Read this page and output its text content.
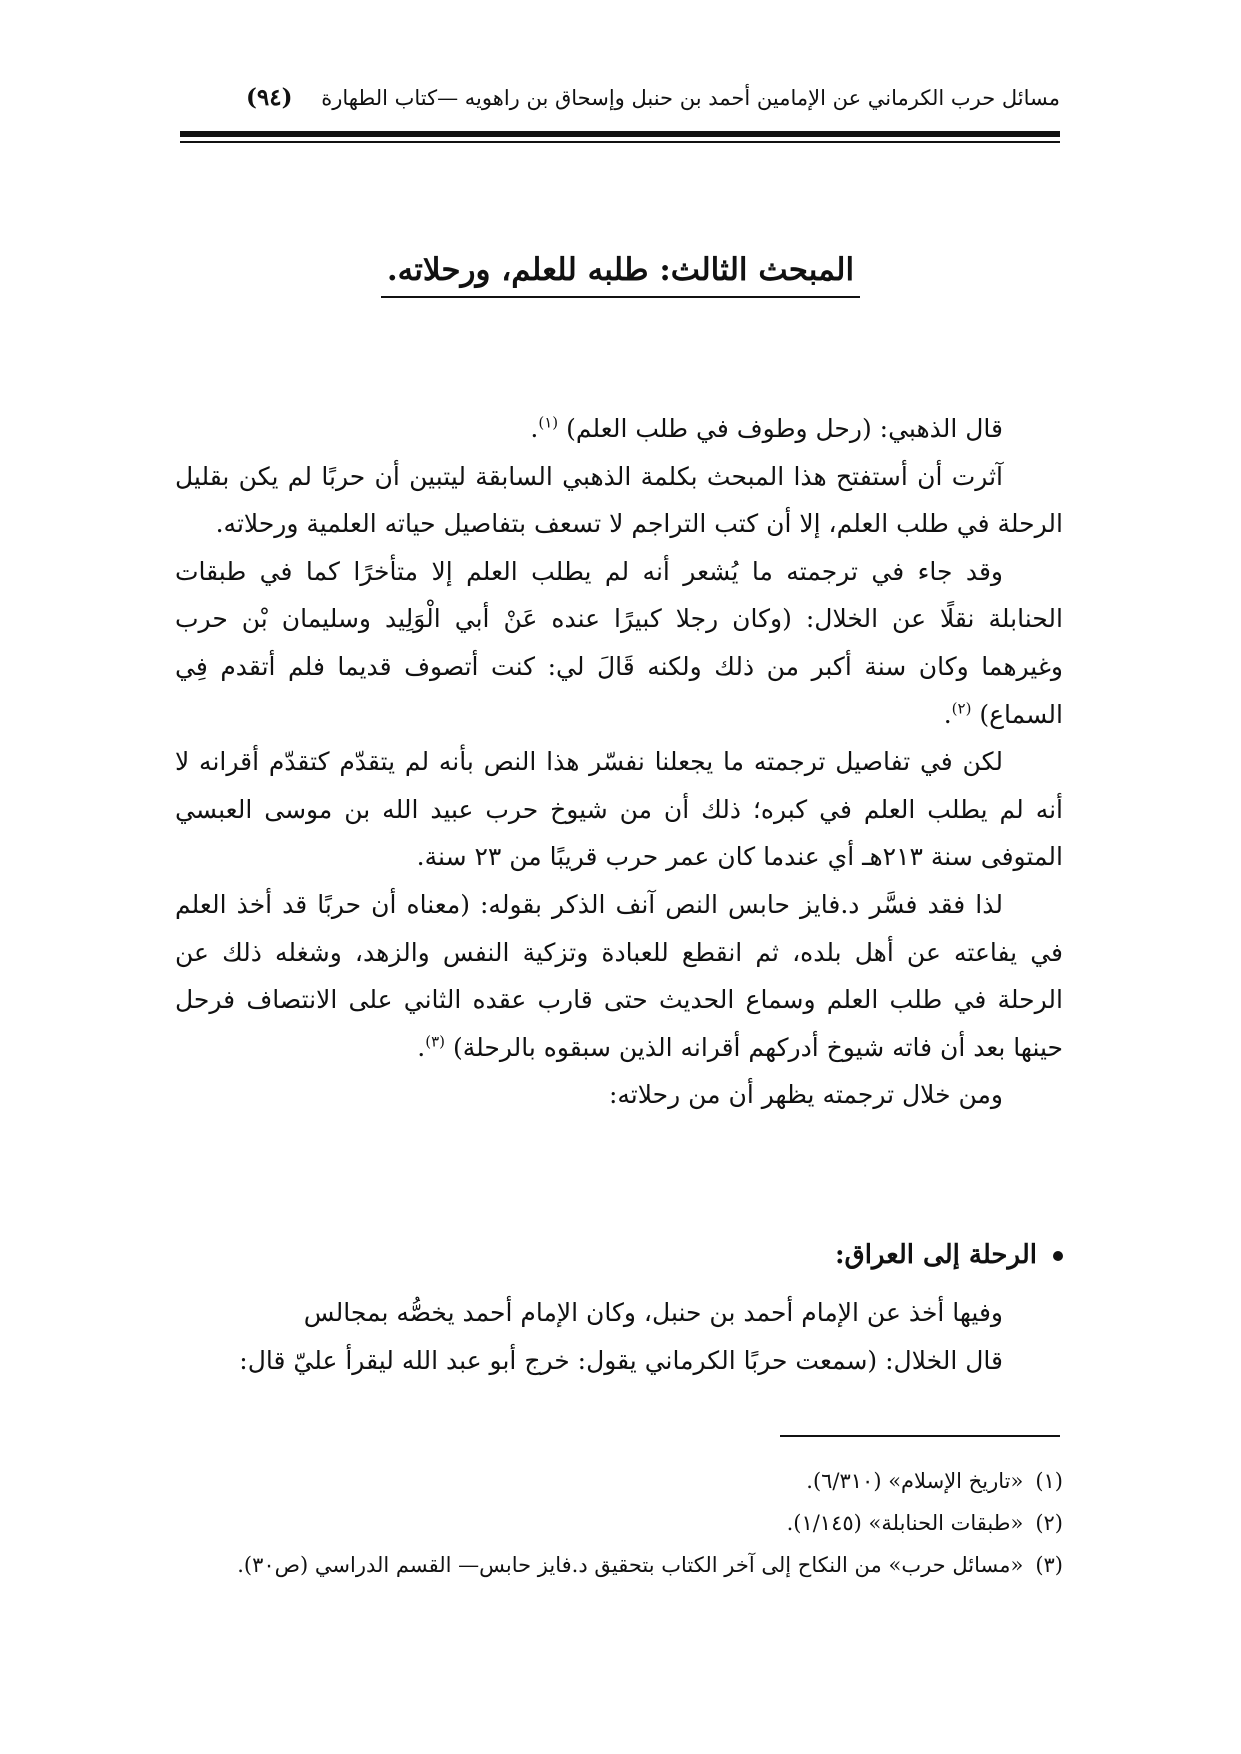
مسائل حرب الكرماني عن الإمامين أحمد بن حنبل وإسحاق بن راهويه —كتاب الطهارة
(٩٤)
المبحث الثالث: طلبه للعلم، ورحلاته.

قال الذهبي: (رحل وطوف في طلب العلم) $^{(١)}$.

آثرت أن أستفتح هذا المبحث بكلمة الذهبي السابقة ليتبين أن حربًا لم يكن بقليل الرحلة في طلب العلم، إلا أن كتب التراجم لا تسعف بتفاصيل حياته العلمية ورحلاته.

وقد جاء في ترجمته ما يُشعر أنه لم يطلب العلم إلا متأخرًا كما في طبقات الحنابلة نقلًا عن الخلال: (وكان رجلا كبيرًا عنده عَنْ أبي الْوَلِيد وسليمان بْن حرب وغيرهما وكان سنة أكبر من ذلك ولكنه قَالَ لي: كنت أتصوف قديما فلم أتقدم فِي السماع) $^{(٢)}$.

لكن في تفاصيل ترجمته ما يجعلنا نفسّر هذا النص بأنه لم يتقدّم كتقدّم أقرانه لا أنه لم يطلب العلم في كبره؛ ذلك أن من شيوخ حرب عبيد الله بن موسى العبسي المتوفى سنة ٢١٣هـ أي عندما كان عمر حرب قريبًا من ٢٣ سنة.

لذا فقد فسَّر د.فايز حابس النص آنف الذكر بقوله: (معناه أن حربًا قد أخذ العلم في يفاعته عن أهل بلده، ثم انقطع للعبادة وتزكية النفس والزهد، وشغله ذلك عن الرحلة في طلب العلم وسماع الحديث حتى قارب عقده الثاني على الانتصاف فرحل حينها بعد أن فاته شيوخ أدركهم أقرانه الذين سبقوه بالرحلة) $^{(٣)}$.

ومن خلال ترجمته يظهر أن من رحلاته:

الرحلة إلى العراق:

وفيها أخذ عن الإمام أحمد بن حنبل، وكان الإمام أحمد يخصُّه بمجالس

قال الخلال: (سمعت حربًا الكرماني يقول: خرج أبو عبد الله ليقرأ عليّ قال:

(١)«تاريخ الإسلام» (٦/٣١٠).
(٢)«طبقات الحنابلة» (١/١٤٥).
(٣)«مسائل حرب» من النكاح إلى آخر الكتاب بتحقيق د.فايز حابس— القسم الدراسي (ص٣٠).
